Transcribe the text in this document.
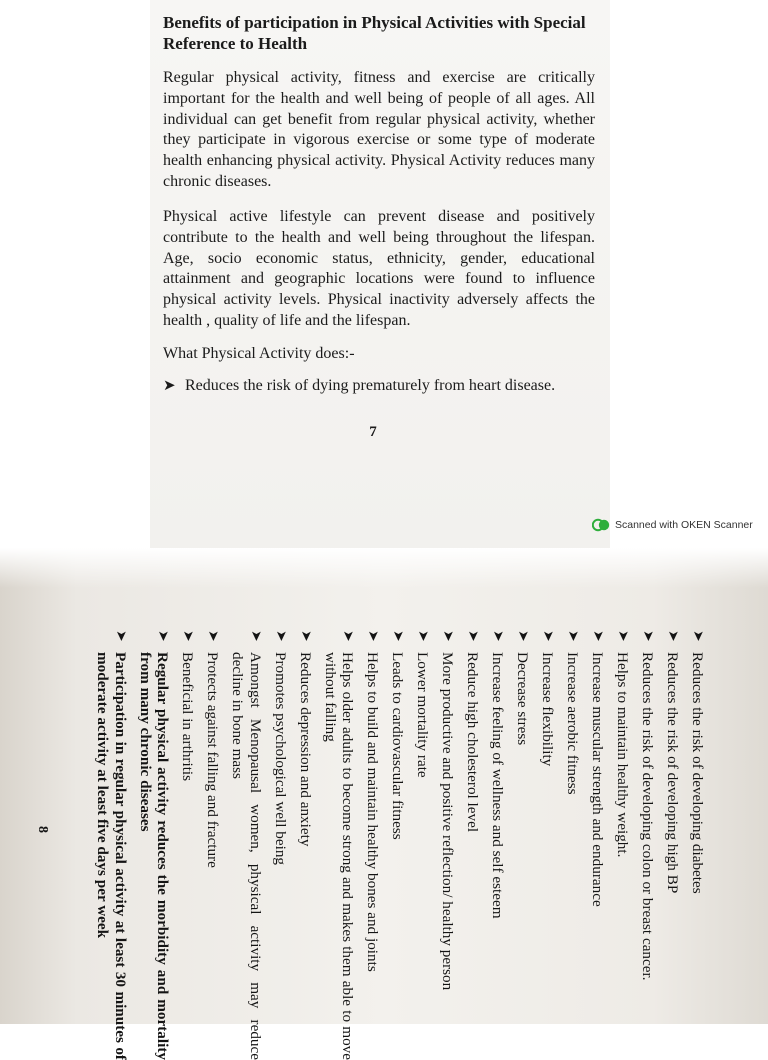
Benefits of participation in Physical Activities with Special Reference to Health

Regular physical activity, fitness and exercise are critically important for the health and well being of people of all ages. All individual can get benefit from regular physical activity, whether they participate in vigorous exercise or some type of moderate health enhancing physical activity. Physical Activity reduces many chronic diseases.

Physical active lifestyle can prevent disease and positively contribute to the health and well being throughout the lifespan. Age, socio economic status, ethnicity, gender, educational attainment and geographic locations were found to influence physical activity levels. Physical inactivity adversely affects the health , quality of life and the lifespan.

What Physical Activity does:-

➤ Reduces the risk of dying prematurely from heart disease.

7

Scanned with OKEN Scanner
➤
Reduces the risk of developing diabetes
➤
Reduces the risk of developing high BP
➤
Reduces the risk of developing colon or breast cancer.
➤
Helps to maintain healthy weight.
➤
Increase muscular strength and endurance
➤
Increase aerobic fitness
➤
Increase flexibility
➤
Decrease stress
➤
Increase feeling of wellness and self esteem
➤
Reduce high cholesterol level
➤
More productive and positive reflection/ healthy person
➤
Lower mortality rate
➤
Leads to cardiovascular fitness
➤
Helps to build and maintain healthy bones and joints
➤
Helps older adults to become strong and makes them able to move without falling
➤
Reduces depression and anxiety
➤
Promotes psychological well being
➤
Amongst Menopausal women, physical activity may reduce decline in bone mass
➤
Protects against falling and fracture
➤
Beneficial in arthritis
➤
Regular physical activity reduces the morbidity and mortality from many chronic diseases
➤
Participation in regular physical activity at least 30 minutes of moderate activity at least five days per week

8
